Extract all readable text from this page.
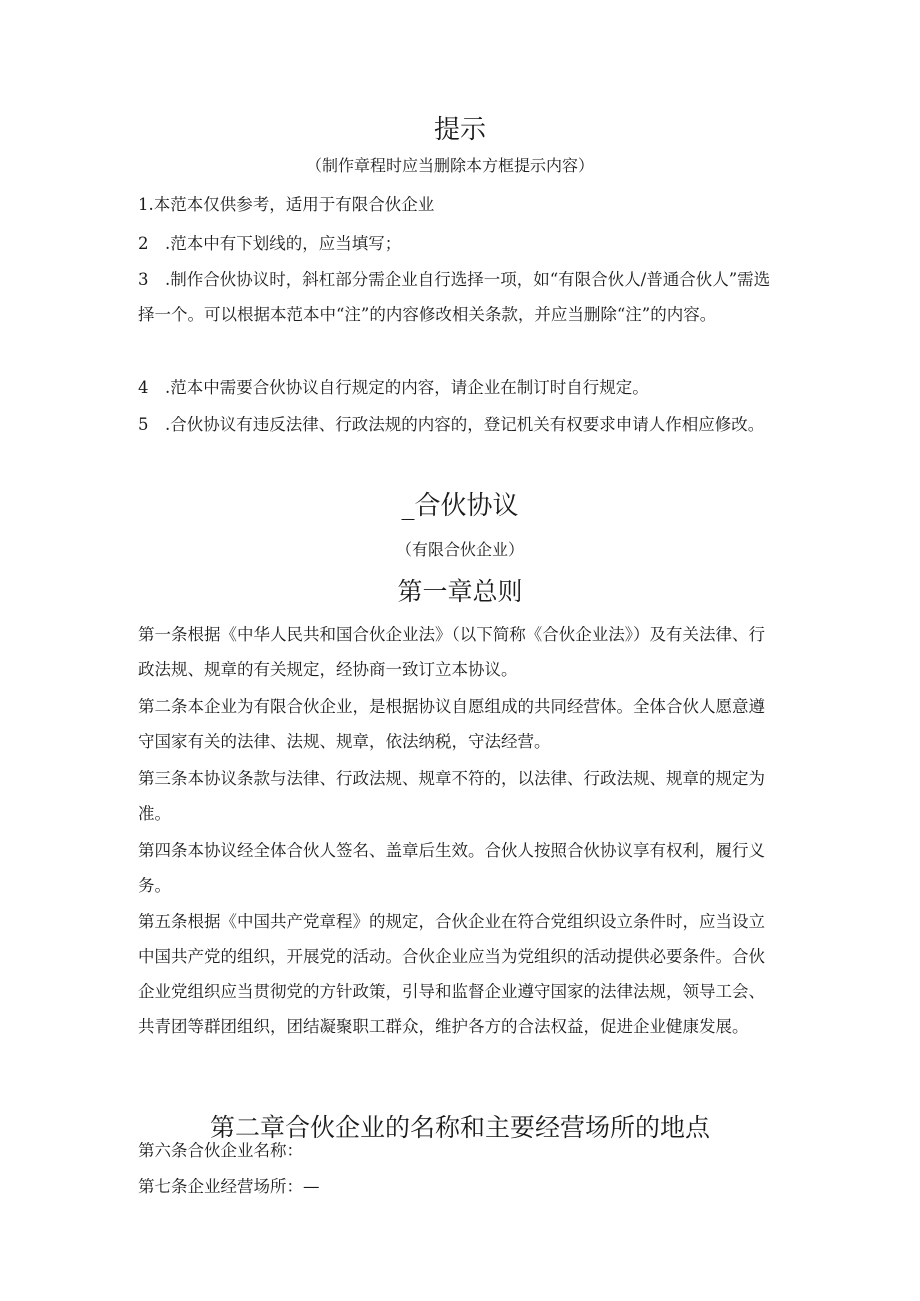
提示
（制作章程时应当删除本方框提示内容）

1.本范本仅供参考，适用于有限合伙企业

2　.范本中有下划线的，应当填写；

3　.制作合伙协议时，斜杠部分需企业自行选择一项，如“有限合伙人/普通合伙人”需选择一个。可以根据本范本中“注”的内容修改相关条款，并应当删除“注”的内容。

4　.范本中需要合伙协议自行规定的内容，请企业在制订时自行规定。

5　.合伙协议有违反法律、行政法规的内容的，登记机关有权要求申请人作相应修改。

_合伙协议
（有限合伙企业）
第一章总则

第一条根据《中华人民共和国合伙企业法》（以下简称《合伙企业法》）及有关法律、行政法规、规章的有关规定，经协商一致订立本协议。

第二条本企业为有限合伙企业，是根据协议自愿组成的共同经营体。全体合伙人愿意遵守国家有关的法律、法规、规章，依法纳税，守法经营。

第三条本协议条款与法律、行政法规、规章不符的，以法律、行政法规、规章的规定为准。

第四条本协议经全体合伙人签名、盖章后生效。合伙人按照合伙协议享有权利，履行义务。

第五条根据《中国共产党章程》的规定，合伙企业在符合党组织设立条件时，应当设立中国共产党的组织，开展党的活动。合伙企业应当为党组织的活动提供必要条件。合伙企业党组织应当贯彻党的方针政策，引导和监督企业遵守国家的法律法规，领导工会、共青团等群团组织，团结凝聚职工群众，维护各方的合法权益，促进企业健康发展。

第二章合伙企业的名称和主要经营场所的地点

第六条合伙企业名称：

第七条企业经营场所：—
